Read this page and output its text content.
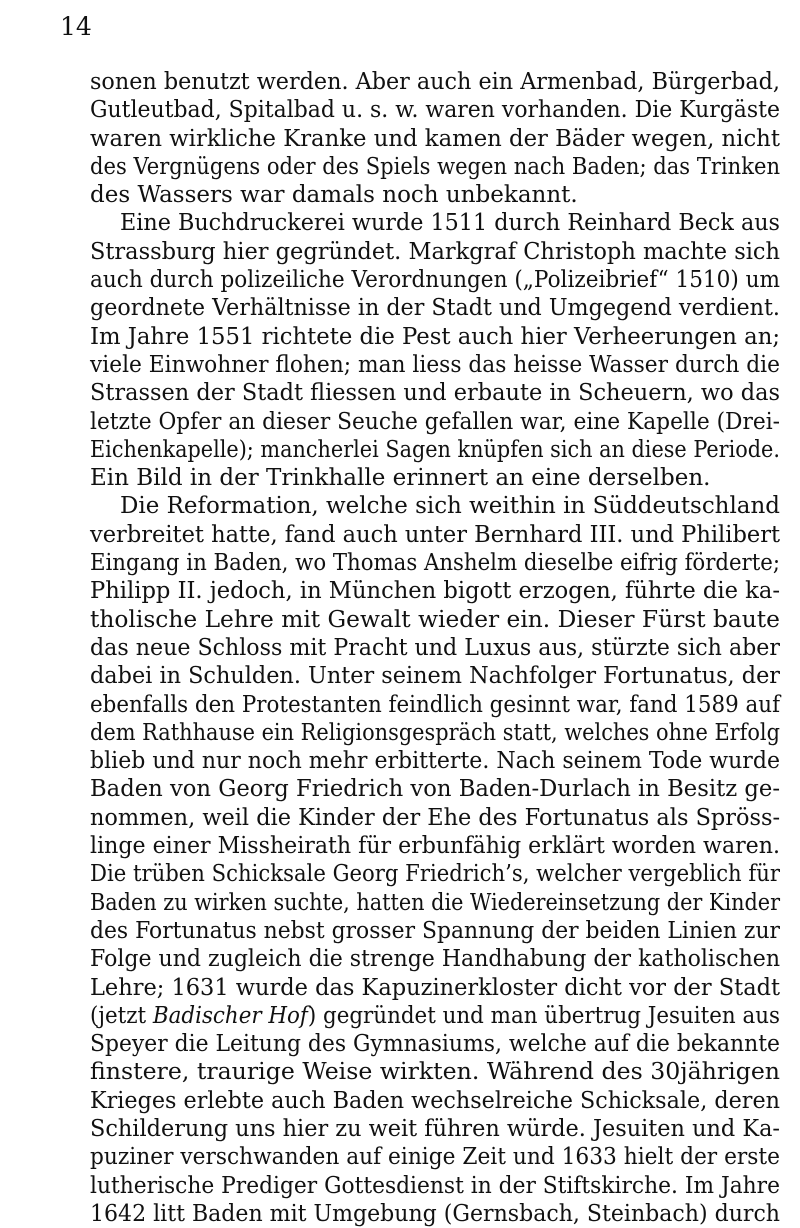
14
sonen benutzt werden. Aber auch ein Armenbad, Bürgerbad,
Gutleutbad, Spitalbad u. s. w. waren vorhanden. Die Kurgäste
waren wirkliche Kranke und kamen der Bäder wegen, nicht
des Vergnügens oder des Spiels wegen nach Baden; das Trinken
des Wassers war damals noch unbekannt.
Eine Buchdruckerei wurde 1511 durch Reinhard Beck aus
Strassburg hier gegründet. Markgraf Christoph machte sich
auch durch polizeiliche Verordnungen („Polizeibrief“ 1510) um
geordnete Verhältnisse in der Stadt und Umgegend verdient.
Im Jahre 1551 richtete die Pest auch hier Verheerungen an;
viele Einwohner flohen; man liess das heisse Wasser durch die
Strassen der Stadt fliessen und erbaute in Scheuern, wo das
letzte Opfer an dieser Seuche gefallen war, eine Kapelle (Drei-
Eichenkapelle); mancherlei Sagen knüpfen sich an diese Periode.
Ein Bild in der Trinkhalle erinnert an eine derselben.
Die Reformation, welche sich weithin in Süddeutschland
verbreitet hatte, fand auch unter Bernhard III. und Philibert
Eingang in Baden, wo Thomas Anshelm dieselbe eifrig förderte;
Philipp II. jedoch, in München bigott erzogen, führte die ka-
tholische Lehre mit Gewalt wieder ein. Dieser Fürst baute
das neue Schloss mit Pracht und Luxus aus, stürzte sich aber
dabei in Schulden. Unter seinem Nachfolger Fortunatus, der
ebenfalls den Protestanten feindlich gesinnt war, fand 1589 auf
dem Rathhause ein Religionsgespräch statt, welches ohne Erfolg
blieb und nur noch mehr erbitterte. Nach seinem Tode wurde
Baden von Georg Friedrich von Baden-Durlach in Besitz ge-
nommen, weil die Kinder der Ehe des Fortunatus als Spröss-
linge einer Missheirath für erbunfähig erklärt worden waren.
Die trüben Schicksale Georg Friedrich’s, welcher vergeblich für
Baden zu wirken suchte, hatten die Wiedereinsetzung der Kinder
des Fortunatus nebst grosser Spannung der beiden Linien zur
Folge und zugleich die strenge Handhabung der katholischen
Lehre; 1631 wurde das Kapuzinerkloster dicht vor der Stadt
(jetzt Badischer Hof) gegründet und man übertrug Jesuiten aus
Speyer die Leitung des Gymnasiums, welche auf die bekannte
finstere, traurige Weise wirkten. Während des 30jährigen
Krieges erlebte auch Baden wechselreiche Schicksale, deren
Schilderung uns hier zu weit führen würde. Jesuiten und Ka-
puziner verschwanden auf einige Zeit und 1633 hielt der erste
lutherische Prediger Gottesdienst in der Stiftskirche. Im Jahre
1642 litt Baden mit Umgebung (Gernsbach, Steinbach) durch
